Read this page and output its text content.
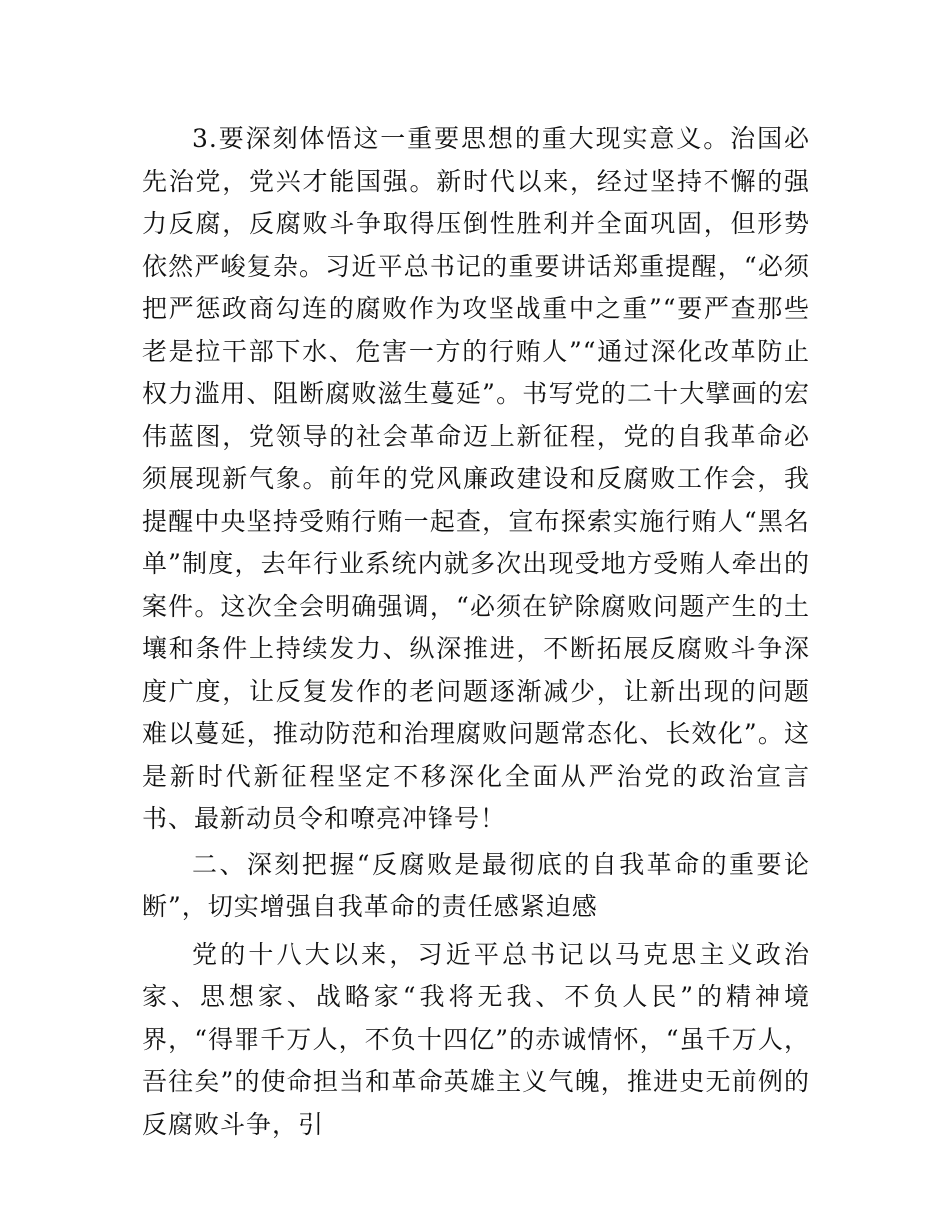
3.要深刻体悟这一重要思想的重大现实意义。治国必先治党，党兴才能国强。新时代以来，经过坚持不懈的强力反腐，反腐败斗争取得压倒性胜利并全面巩固，但形势依然严峻复杂。习近平总书记的重要讲话郑重提醒，“必须把严惩政商勾连的腐败作为攻坚战重中之重”“要严查那些老是拉干部下水、危害一方的行贿人”“通过深化改革防止权力滥用、阻断腐败滋生蔓延”。书写党的二十大擘画的宏伟蓝图，党领导的社会革命迈上新征程，党的自我革命必须展现新气象。前年的党风廉政建设和反腐败工作会，我提醒中央坚持受贿行贿一起查，宣布探索实施行贿人“黑名单”制度，去年行业系统内就多次出现受地方受贿人牵出的案件。这次全会明确强调，“必须在铲除腐败问题产生的土壤和条件上持续发力、纵深推进，不断拓展反腐败斗争深度广度，让反复发作的老问题逐渐减少，让新出现的问题难以蔓延，推动防范和治理腐败问题常态化、长效化”。这是新时代新征程坚定不移深化全面从严治党的政治宣言书、最新动员令和嘹亮冲锋号！

二、深刻把握“反腐败是最彻底的自我革命的重要论断”，切实增强自我革命的责任感紧迫感

党的十八大以来，习近平总书记以马克思主义政治家、思想家、战略家“我将无我、不负人民”的精神境界，“得罪千万人，不负十四亿”的赤诚情怀，“虽千万人，吾往矣”的使命担当和革命英雄主义气魄，推进史无前例的反腐败斗争，引
